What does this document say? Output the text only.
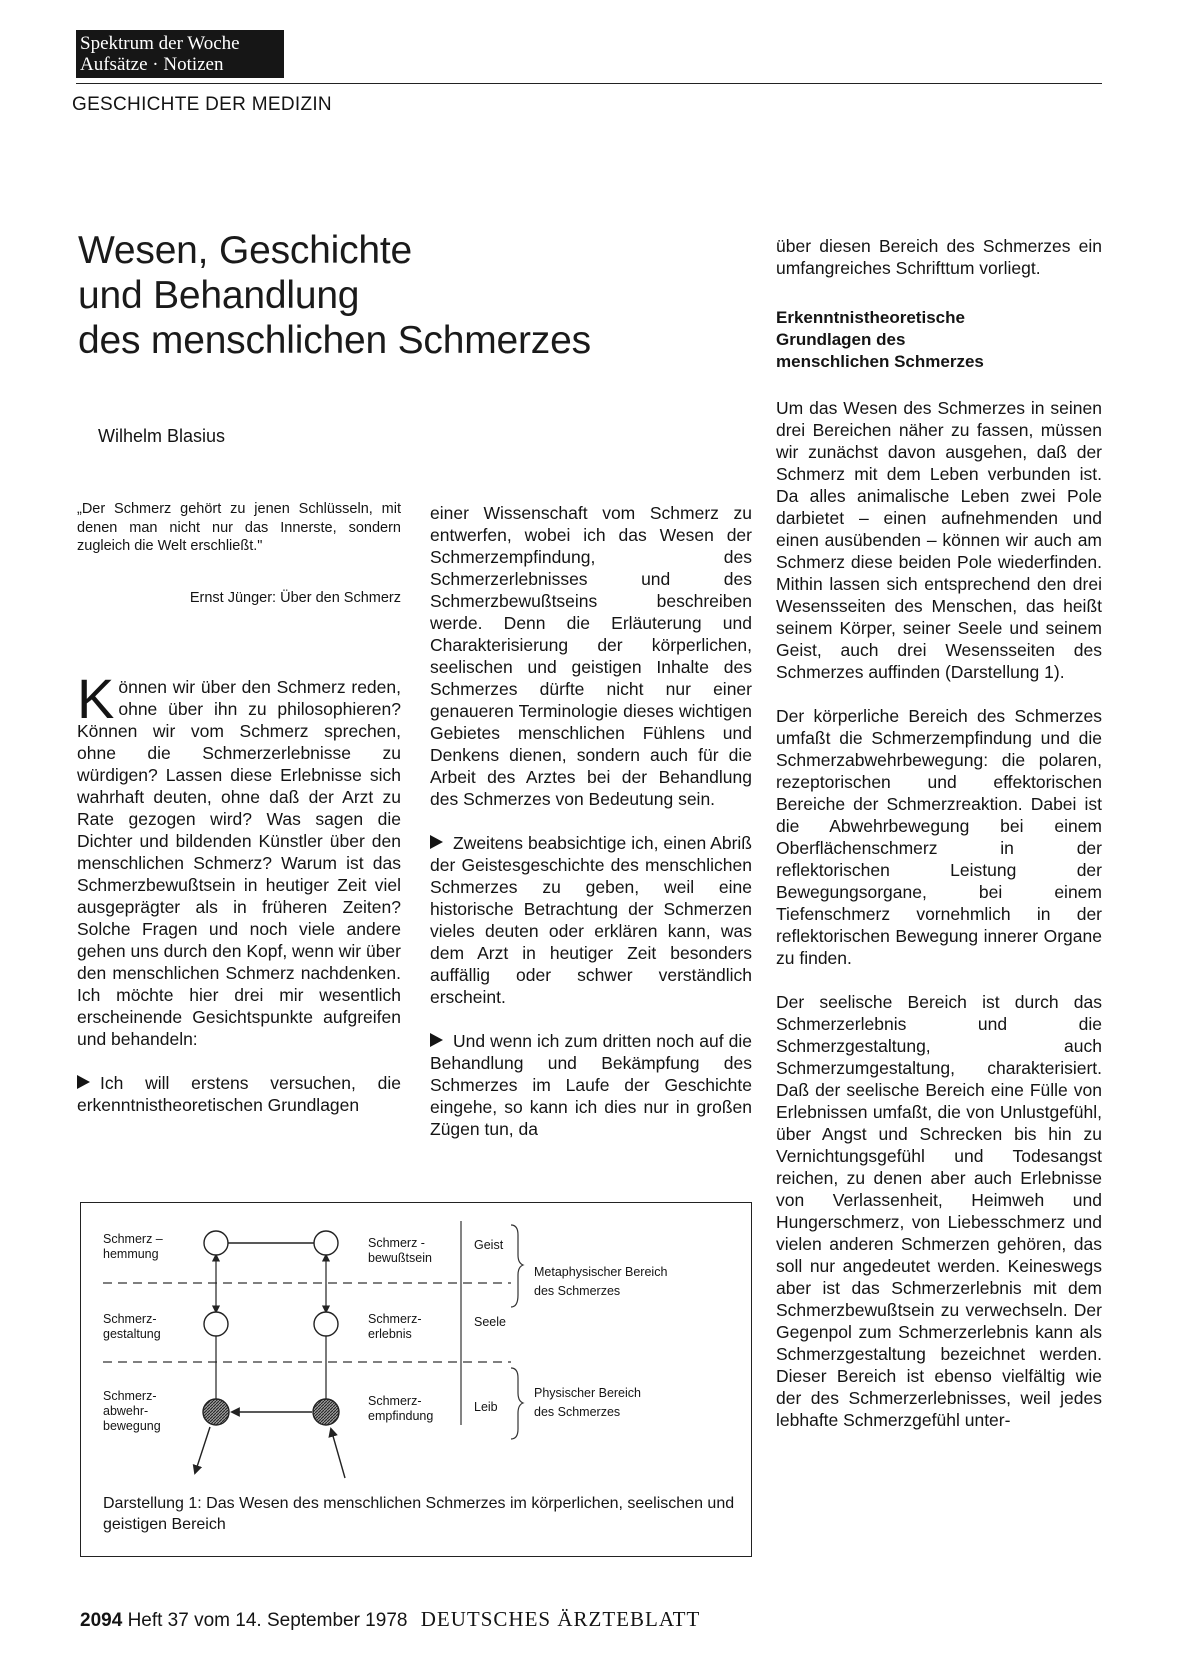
Spektrum der Woche
Aufsätze · Notizen
GESCHICHTE DER MEDIZIN
Wesen, Geschichte
und Behandlung
des menschlichen Schmerzes
Wilhelm Blasius
„Der Schmerz gehört zu jenen Schlüsseln, mit denen man nicht nur das Innerste, sondern zugleich die Welt erschließt."
Ernst Jünger: Über den Schmerz

Können wir über den Schmerz reden, ohne über ihn zu philosophieren? Können wir vom Schmerz sprechen, ohne die Schmerzerlebnisse zu würdigen? Lassen diese Erlebnisse sich wahrhaft deuten, ohne daß der Arzt zu Rate gezogen wird? Was sagen die Dichter und bildenden Künstler über den menschlichen Schmerz? Warum ist das Schmerzbewußtsein in heutiger Zeit viel ausgeprägter als in früheren Zeiten? Solche Fragen und noch viele andere gehen uns durch den Kopf, wenn wir über den menschlichen Schmerz nachdenken. Ich möchte hier drei mir wesentlich erscheinende Gesichtspunkte aufgreifen und behandeln:

Ich will erstens versuchen, die erkenntnistheoretischen Grundlagen

einer Wissenschaft vom Schmerz zu entwerfen, wobei ich das Wesen der Schmerzempfindung, des Schmerzerlebnisses und des Schmerzbewußtseins beschreiben werde. Denn die Erläuterung und Charakterisierung der körperlichen, seelischen und geistigen Inhalte des Schmerzes dürfte nicht nur einer genaueren Terminologie dieses wichtigen Gebietes menschlichen Fühlens und Denkens dienen, sondern auch für die Arbeit des Arztes bei der Behandlung des Schmerzes von Bedeutung sein.

Zweitens beabsichtige ich, einen Abriß der Geistesgeschichte des menschlichen Schmerzes zu geben, weil eine historische Betrachtung der Schmerzen vieles deuten oder erklären kann, was dem Arzt in heutiger Zeit besonders auffällig oder schwer verständlich erscheint.

Und wenn ich zum dritten noch auf die Behandlung und Bekämpfung des Schmerzes im Laufe der Geschichte eingehe, so kann ich dies nur in großen Zügen tun, da

über diesen Bereich des Schmerzes ein umfangreiches Schrifttum vorliegt.

Erkenntnistheoretische
Grundlagen des
menschlichen Schmerzes

Um das Wesen des Schmerzes in seinen drei Bereichen näher zu fassen, müssen wir zunächst davon ausgehen, daß der Schmerz mit dem Leben verbunden ist. Da alles animalische Leben zwei Pole darbietet – einen aufnehmenden und einen ausübenden – können wir auch am Schmerz diese beiden Pole wiederfinden. Mithin lassen sich entsprechend den drei Wesensseiten des Menschen, das heißt seinem Körper, seiner Seele und seinem Geist, auch drei Wesensseiten des Schmerzes auffinden (Darstellung 1).

Der körperliche Bereich des Schmerzes umfaßt die Schmerzempfindung und die Schmerzabwehrbewegung: die polaren, rezeptorischen und effektorischen Bereiche der Schmerzreaktion. Dabei ist die Abwehrbewegung bei einem Oberflächenschmerz in der reflektorischen Leistung der Bewegungsorgane, bei einem Tiefenschmerz vornehmlich in der reflektorischen Bewegung innerer Organe zu finden.

Der seelische Bereich ist durch das Schmerzerlebnis und die Schmerzgestaltung, auch Schmerzumgestaltung, charakterisiert. Daß der seelische Bereich eine Fülle von Erlebnissen umfaßt, die von Unlustgefühl, über Angst und Schrecken bis hin zu Vernichtungsgefühl und Todesangst reichen, zu denen aber auch Erlebnisse von Verlassenheit, Heimweh und Hungerschmerz, von Liebesschmerz und vielen anderen Schmerzen gehören, das soll nur angedeutet werden. Keineswegs aber ist das Schmerzerlebnis mit dem Schmerzbewußtsein zu verwechseln. Der Gegenpol zum Schmerzerlebnis kann als Schmerzgestaltung bezeichnet werden. Dieser Bereich ist ebenso vielfältig wie der des Schmerzerlebnisses, weil jedes lebhafte Schmerzgefühl unter-

Schmerz –
hemmung
Schmerz-
gestaltung
Schmerz-
abwehr-
bewegung
Schmerz -
bewußtsein
Schmerz-
erlebnis
Schmerz-
empfindung
Geist
Seele
Leib
Metaphysischer Bereich
des Schmerzes
Physischer Bereich
des Schmerzes
Darstellung 1: Das Wesen des menschlichen Schmerzes im körperlichen, seelischen und geistigen Bereich
2094 Heft 37 vom 14. September 1978 DEUTSCHES ÄRZTEBLATT
